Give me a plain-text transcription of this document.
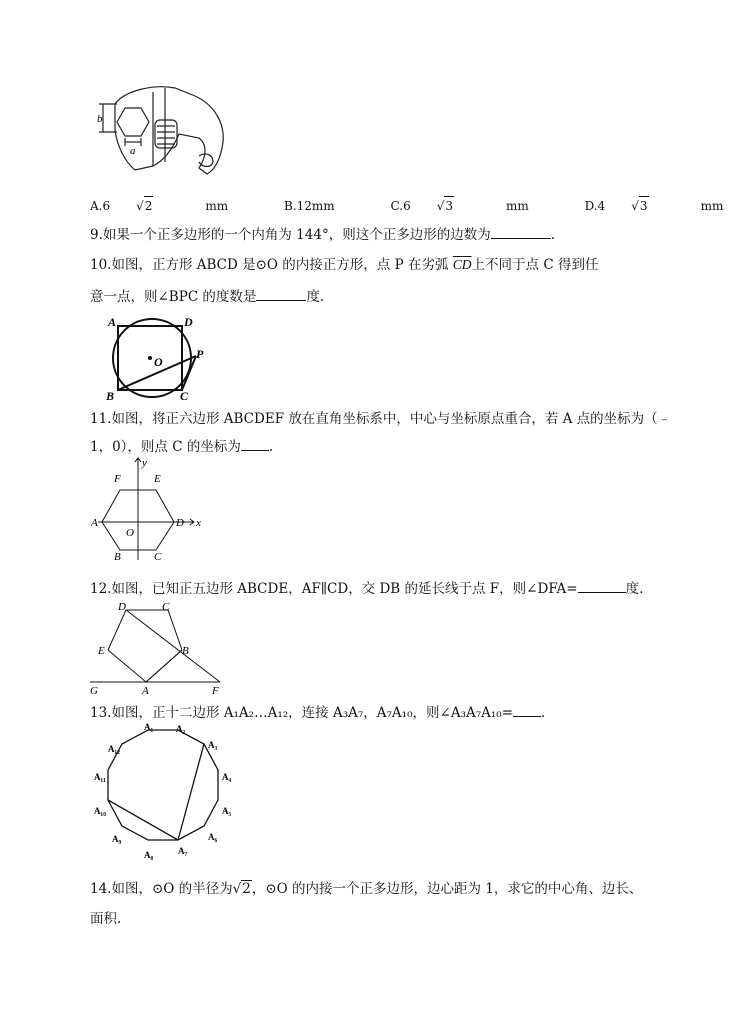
b
a
A.6 √2	mm	B.12mm	C.6 √3	mm	D.4 √3	mm
9.如果一个正多边形的一个内角为 144°，则这个正多边形的边数为	.
10.如图，正方形 ABCD 是⊙O 的内接正方形，点 P 在劣弧 $\overline{CD}$上不同于点 C 得到任
意一点，则∠BPC 的度数是	度.
A	D
B	C
O
P
11.如图，将正六边形 ABCDEF 放在直角坐标系中，中心与坐标原点重合，若 A 点的坐标为（﹣
1，0），则点 C 的坐标为 .
y
x
F	E
A
O
D
B	C
12.如图，已知正五边形 ABCDE，AF∥CD，交 DB 的延长线于点 F，则∠DFA=	度.
D	C
E	B
G	A	F
13.如图，正十二边形 A₁A₂…A₁₂，连接 A₃A₇，A₇A₁₀，则∠A₃A₇A₁₀= .
A₁	A₂
A₃
A₄
A₅
A₆
A₇
A₈
A₉
A₁₀
A₁₁
A₁₂
14.如图，⊙O 的半径为√2，⊙O 的内接一个正多边形，边心距为 1，求它的中心角、边长、
面积.
